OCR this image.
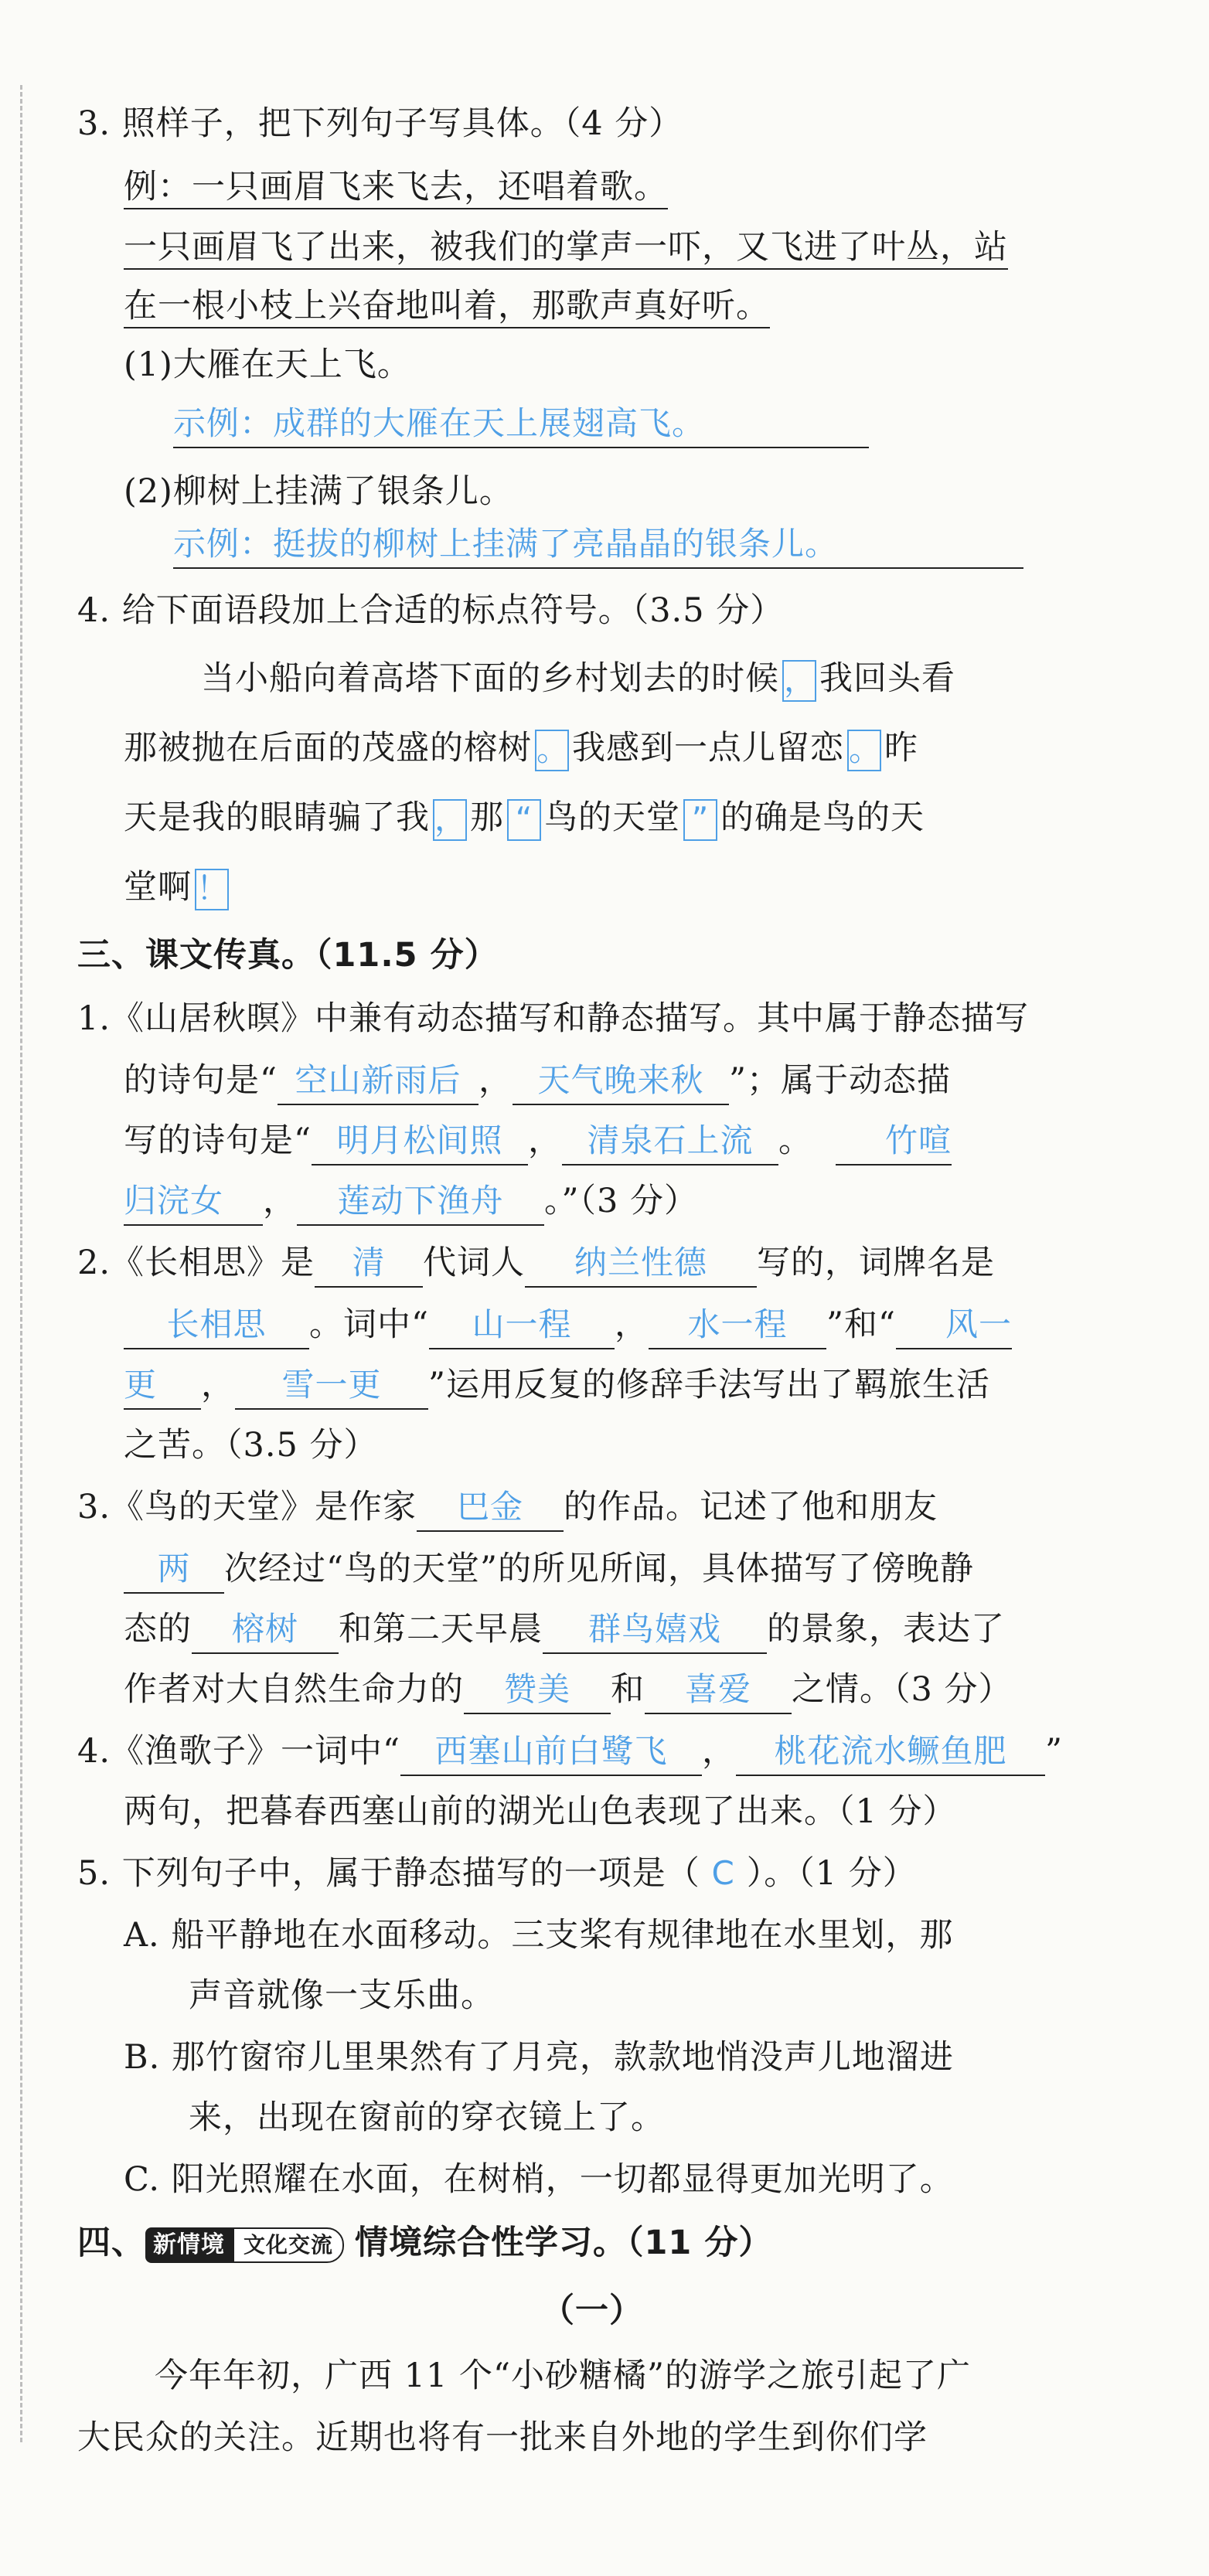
3. 照样子，把下列句子写具体。（4 分）
例：一只画眉飞来飞去，还唱着歌。
一只画眉飞了出来，被我们的掌声一吓，又飞进了叶丛，站
在一根小枝上兴奋地叫着，那歌声真好听。
(1)大雁在天上飞。
示例：成群的大雁在天上展翅高飞。
(2)柳树上挂满了银条儿。
示例：挺拔的柳树上挂满了亮晶晶的银条儿。
4. 给下面语段加上合适的标点符号。（3.5 分）
当小船向着高塔下面的乡村划去的时候 ，我回头看
那被抛在后面的茂盛的榕树 。我感到一点儿留恋 。昨
天是我的眼睛骗了我 ，那 “ 鸟的天堂 ” 的确是鸟的天
堂啊 ！
三、课文传真。（11.5 分）
1.《山居秋暝》中兼有动态描写和静态描写。其中属于静态描写
的诗句是“ 空山新雨后 ， 天气晚来秋 ”；属于动态描
写的诗句是“ 明月松间照 ， 清泉石上流 。 竹喧
归浣女 ， 莲动下渔舟 。”（3 分）
2.《长相思》是 清 代词人 纳兰性德 写的，词牌名是
长相思 。词中“ 山一程 ， 水一程 ”和“ 风一
更 ， 雪一更 ”运用反复的修辞手法写出了羁旅生活
之苦。（3.5 分）
3.《鸟的天堂》是作家 巴金 的作品。记述了他和朋友
两 次经过“鸟的天堂”的所见所闻，具体描写了傍晚静
态的 榕树 和第二天早晨 群鸟嬉戏 的景象，表达了
作者对大自然生命力的 赞美 和 喜爱 之情。（3 分）
4.《渔歌子》一词中“ 西塞山前白鹭飞 ， 桃花流水鳜鱼肥 ”
两句，把暮春西塞山前的湖光山色表现了出来。（1 分）
5. 下列句子中，属于静态描写的一项是（ C ）。（1 分）
A. 船平静地在水面移动。三支桨有规律地在水里划，那
声音就像一支乐曲。
B. 那竹窗帘儿里果然有了月亮，款款地悄没声儿地溜进
来，出现在窗前的穿衣镜上了。
C. 阳光照耀在水面，在树梢，一切都显得更加光明了。
四、 新情境 文化交流 情境综合性学习。（11 分）
（一）
今年年初，广西 11 个“小砂糖橘”的游学之旅引起了广
大民众的关注。近期也将有一批来自外地的学生到你们学
